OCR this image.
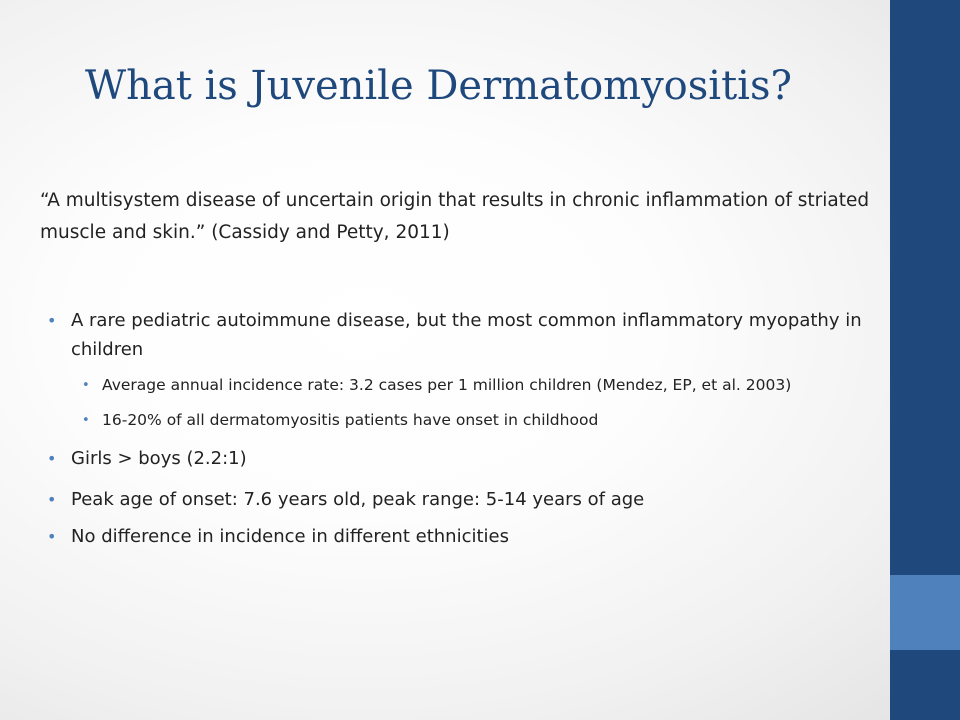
What is Juvenile Dermatomyositis?

“A multisystem disease of uncertain origin that results in chronic inflammation of striated muscle and skin.” (Cassidy and Petty, 2011)

• A rare pediatric autoimmune disease, but the most common inflammatory myopathy in children
• Average annual incidence rate: 3.2 cases per 1 million children (Mendez, EP, et al. 2003)
• 16-20% of all dermatomyositis patients have onset in childhood
• Girls > boys (2.2:1)
• Peak age of onset: 7.6 years old, peak range: 5-14 years of age
• No difference in incidence in different ethnicities
